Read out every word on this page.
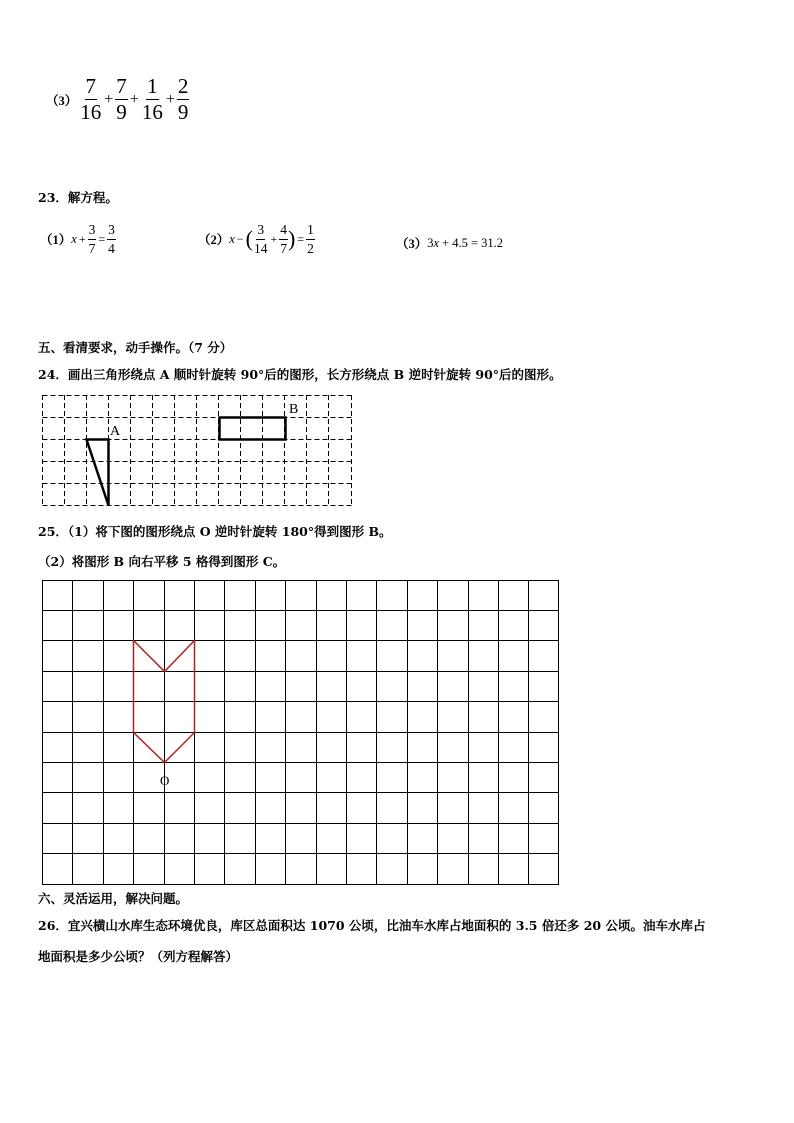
$(3) \frac{7}{16} + \frac{7}{9} + \frac{1}{16} + \frac{2}{9}$
23．解方程。
（1） $x + \frac{3}{7} = \frac{3}{4}$	（2） x − ( $\frac{3}{14} + \frac{4}{7}$ ) = $\frac{1}{2}$	（3） 3 x + 4.5 = 31.2
五、看清要求，动手操作。（7 分）
24．画出三角形绕点 A 顺时针旋转 90°后的图形，长方形绕点 B 逆时针旋转 90°后的图形。
A
B
25．（1）将下图的图形绕点 O 逆时针旋转 180°得到图形 B。
（2）将图形 B 向右平移 5 格得到图形 C。
O
六、灵活运用，解决问题。
26．宜兴横山水库生态环境优良，库区总面积达 1070 公顷，比油车水库占地面积的 3.5 倍还多 20 公顷。油车水库占
地面积是多少公顷？（列方程解答）
